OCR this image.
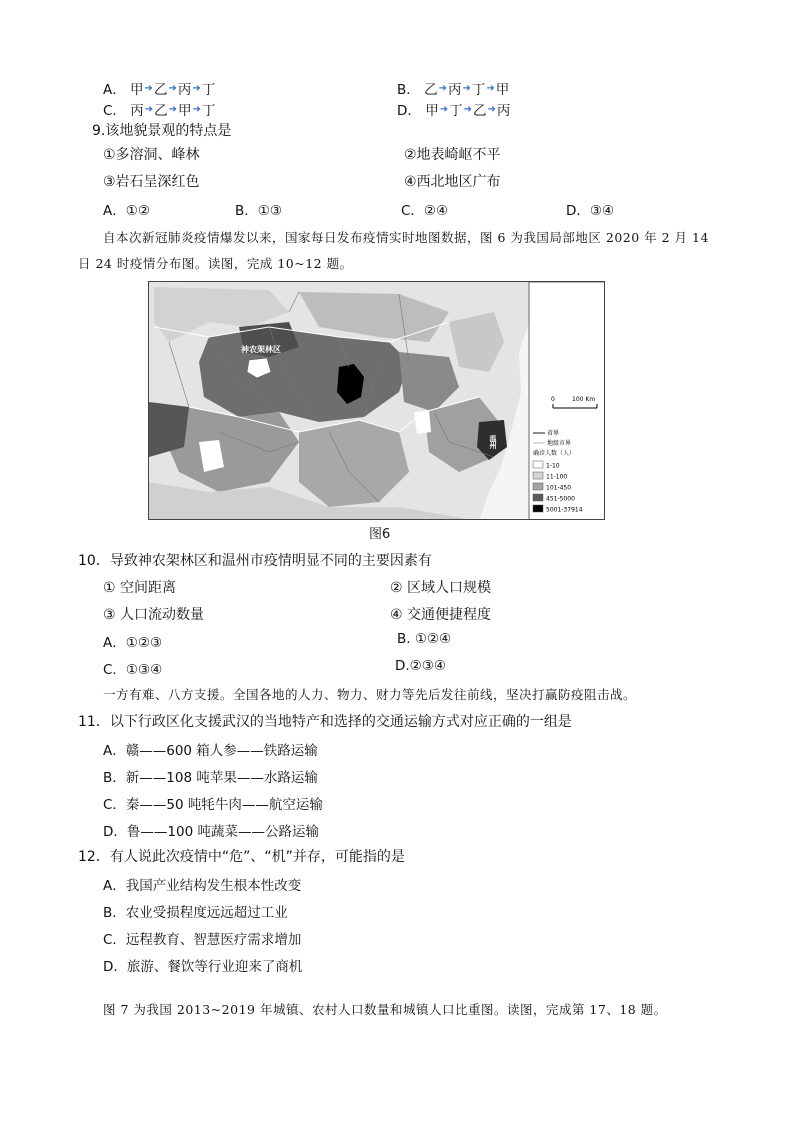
A． 甲 ➜ 乙 ➜ 丙 ➜ 丁	B． 乙 ➜ 丙 ➜ 丁 ➜ 甲
C． 丙 ➜ 乙 ➜ 甲 ➜ 丁	D． 甲 ➜ 丁 ➜ 乙 ➜ 丙
9.该地貌景观的特点是
①多溶洞、峰林	②地表崎岖不平
③岩石呈深红色	④西北地区广布
A．①②	B．①③	C．②④	D．③④
自本次新冠肺炎疫情爆发以来，国家每日发布疫情实时地图数据，图 6 为我国局部地区 2020 年 2 月 14
日 24 时疫情分布图。读图，完成 10~12 题。
神农架林区
温州
0	100 Km
省界
地级市界
确诊人数（人）
1-10
11-100
101-450
451-5000
5001-37914
图6
10．导致神农架林区和温州市疫情明显不同的主要因素有
① 空间距离	② 区域人口规模
③ 人口流动数量	④ 交通便捷程度
A．①②③	B. ①②④
C．①③④	D.②③④
一方有难、八方支援。全国各地的人力、物力、财力等先后发往前线，坚决打赢防疫阻击战。
11．以下行政区化支援武汉的当地特产和选择的交通运输方式对应正确的一组是
A．赣——600 箱人参——铁路运输
B．新——108 吨苹果——水路运输
C．秦——50 吨牦牛肉——航空运输
D．鲁——100 吨蔬菜——公路运输
12．有人说此次疫情中“危”、“机”并存，可能指的是
A．我国产业结构发生根本性改变
B．农业受损程度远远超过工业
C．远程教育、智慧医疗需求增加
D．旅游、餐饮等行业迎来了商机
图 7 为我国 2013~2019 年城镇、农村人口数量和城镇人口比重图。读图，完成第 17、18 题。
